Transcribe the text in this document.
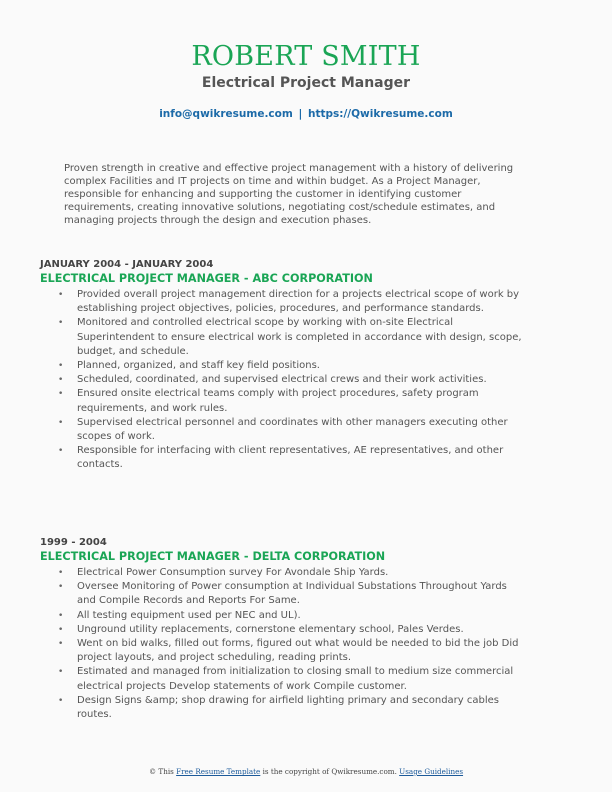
ROBERT SMITH
Electrical Project Manager
info@qwikresume.com | https://Qwikresume.com

Proven strength in creative and effective project management with a history of delivering complex Facilities and IT projects on time and within budget. As a Project Manager, responsible for enhancing and supporting the customer in identifying customer requirements, creating innovative solutions, negotiating cost/schedule estimates, and managing projects through the design and execution phases.

JANUARY 2004 - JANUARY 2004
ELECTRICAL PROJECT MANAGER - ABC CORPORATION
• Provided overall project management direction for a projects electrical scope of work by establishing project objectives, policies, procedures, and performance standards.
• Monitored and controlled electrical scope by working with on-site Electrical Superintendent to ensure electrical work is completed in accordance with design, scope, budget, and schedule.
• Planned, organized, and staff key field positions.
• Scheduled, coordinated, and supervised electrical crews and their work activities.
• Ensured onsite electrical teams comply with project procedures, safety program requirements, and work rules.
• Supervised electrical personnel and coordinates with other managers executing other scopes of work.
• Responsible for interfacing with client representatives, AE representatives, and other contacts.
1999 - 2004
ELECTRICAL PROJECT MANAGER - DELTA CORPORATION
• Electrical Power Consumption survey For Avondale Ship Yards.
• Oversee Monitoring of Power consumption at Individual Substations Throughout Yards and Compile Records and Reports For Same.
• All testing equipment used per NEC and UL).
• Unground utility replacements, cornerstone elementary school, Pales Verdes.
• Went on bid walks, filled out forms, figured out what would be needed to bid the job Did project layouts, and project scheduling, reading prints.
• Estimated and managed from initialization to closing small to medium size commercial electrical projects Develop statements of work Compile customer.
• Design Signs &amp; shop drawing for airfield lighting primary and secondary cables routes.
© This Free Resume Template is the copyright of Qwikresume.com. Usage Guidelines
